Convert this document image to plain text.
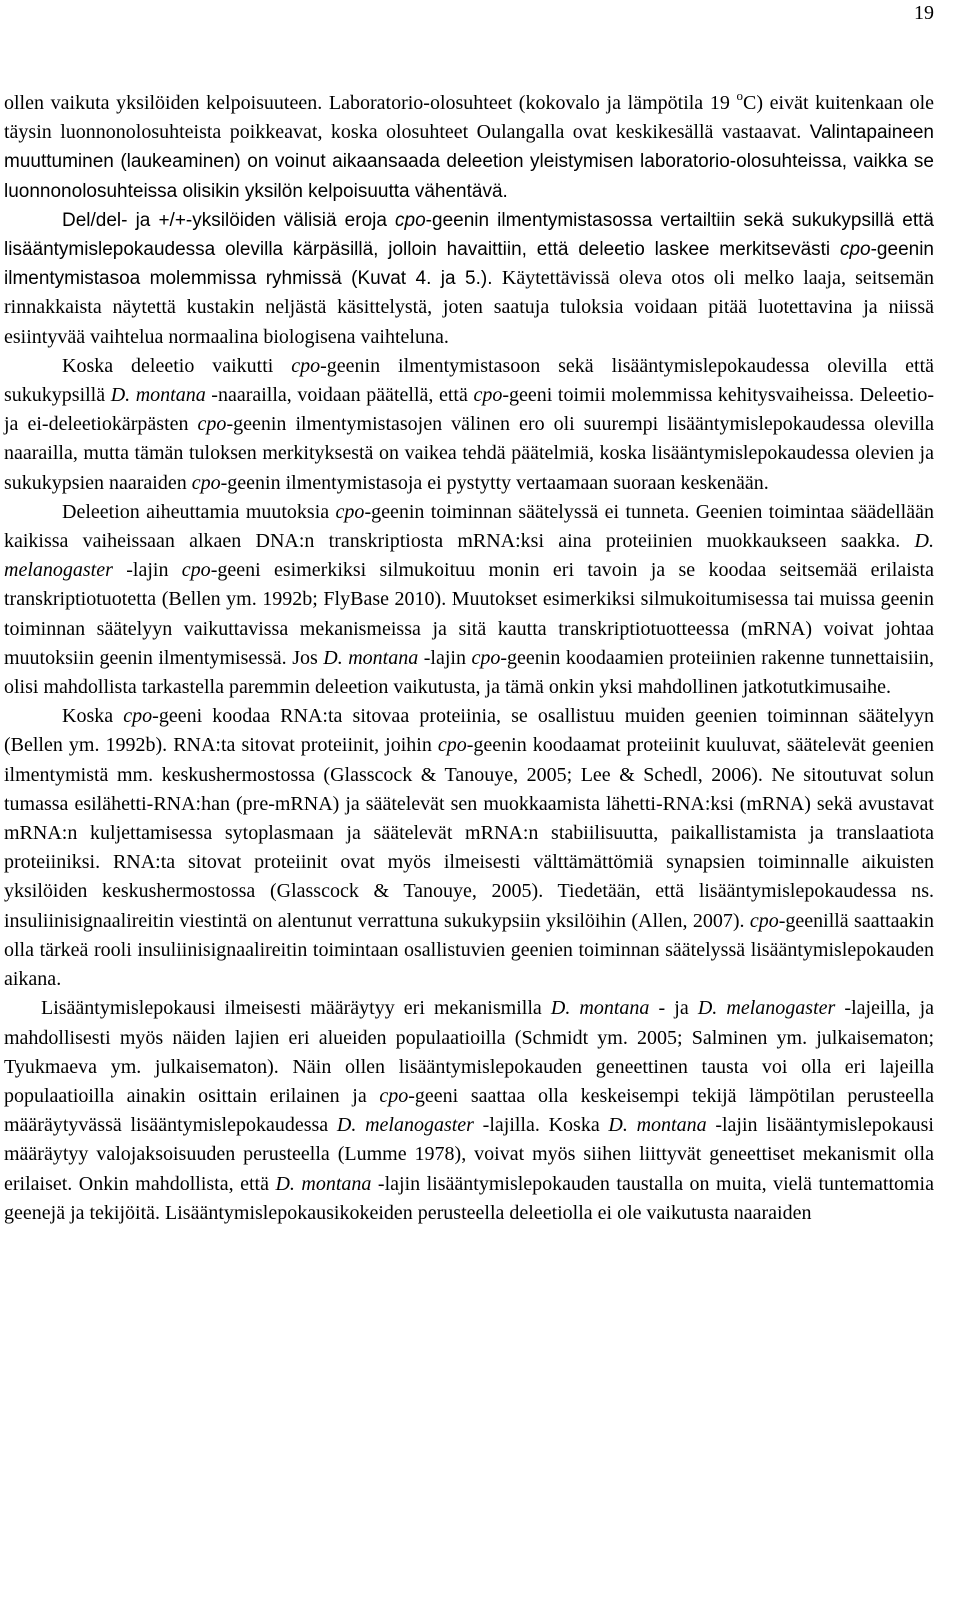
19

ollen vaikuta yksilöiden kelpoisuuteen. Laboratorio-olosuhteet (kokovalo ja lämpötila 19 $^o$C) eivät kuitenkaan ole täysin luonnonolosuhteista poikkeavat, koska olosuhteet Oulangalla ovat keskikesällä vastaavat. Valintapaineen muuttuminen (laukeaminen) on voinut aikaansaada deleetion yleistymisen laboratorio-olosuhteissa, vaikka se luonnonolosuhteissa olisikin yksilön kelpoisuutta vähentävä.

Del/del- ja +/+-yksilöiden välisiä eroja cpo-geenin ilmentymistasossa vertailtiin sekä sukukypsillä että lisääntymislepokaudessa olevilla kärpäsillä, jolloin havaittiin, että deleetio laskee merkitsevästi cpo-geenin ilmentymistasoa molemmissa ryhmissä (Kuvat 4. ja 5.). Käytettävissä oleva otos oli melko laaja, seitsemän rinnakkaista näytettä kustakin neljästä käsittelystä, joten saatuja tuloksia voidaan pitää luotettavina ja niissä esiintyvää vaihtelua normaalina biologisena vaihteluna.

Koska deleetio vaikutti cpo-geenin ilmentymistasoon sekä lisääntymislepokaudessa olevilla että sukukypsillä D. montana -naarailla, voidaan päätellä, että cpo-geeni toimii molemmissa kehitysvaiheissa. Deleetio- ja ei-deleetiokärpästen cpo-geenin ilmentymistasojen välinen ero oli suurempi lisääntymislepokaudessa olevilla naarailla, mutta tämän tuloksen merkityksestä on vaikea tehdä päätelmiä, koska lisääntymislepokaudessa olevien ja sukukypsien naaraiden cpo-geenin ilmentymistasoja ei pystytty vertaamaan suoraan keskenään.

Deleetion aiheuttamia muutoksia cpo-geenin toiminnan säätelyssä ei tunneta. Geenien toimintaa säädellään kaikissa vaiheissaan alkaen DNA:n transkriptiosta mRNA:ksi aina proteiinien muokkaukseen saakka. D. melanogaster -lajin cpo-geeni esimerkiksi silmukoituu monin eri tavoin ja se koodaa seitsemää erilaista transkriptiotuotetta (Bellen ym. 1992b; FlyBase 2010). Muutokset esimerkiksi silmukoitumisessa tai muissa geenin toiminnan säätelyyn vaikuttavissa mekanismeissa ja sitä kautta transkriptiotuotteessa (mRNA) voivat johtaa muutoksiin geenin ilmentymisessä. Jos D. montana -lajin cpo-geenin koodaamien proteiinien rakenne tunnettaisiin, olisi mahdollista tarkastella paremmin deleetion vaikutusta, ja tämä onkin yksi mahdollinen jatkotutkimusaihe.

Koska cpo-geeni koodaa RNA:ta sitovaa proteiinia, se osallistuu muiden geenien toiminnan säätelyyn (Bellen ym. 1992b). RNA:ta sitovat proteiinit, joihin cpo-geenin koodaamat proteiinit kuuluvat, säätelevät geenien ilmentymistä mm. keskushermostossa (Glasscock & Tanouye, 2005; Lee & Schedl, 2006). Ne sitoutuvat solun tumassa esilähetti-RNA:han (pre-mRNA) ja säätelevät sen muokkaamista lähetti-RNA:ksi (mRNA) sekä avustavat mRNA:n kuljettamisessa sytoplasmaan ja säätelevät mRNA:n stabiilisuutta, paikallistamista ja translaatiota proteiiniksi. RNA:ta sitovat proteiinit ovat myös ilmeisesti välttämättömiä synapsien toiminnalle aikuisten yksilöiden keskushermostossa (Glasscock & Tanouye, 2005). Tiedetään, että lisääntymislepokaudessa ns. insuliinisignaalireitin viestintä on alentunut verrattuna sukukypsiin yksilöihin (Allen, 2007). cpo-geenillä saattaakin olla tärkeä rooli insuliinisignaalireitin toimintaan osallistuvien geenien toiminnan säätelyssä lisääntymislepokauden aikana.

Lisääntymislepokausi ilmeisesti määräytyy eri mekanismilla D. montana - ja D. melanogaster -lajeilla, ja mahdollisesti myös näiden lajien eri alueiden populaatioilla (Schmidt ym. 2005; Salminen ym. julkaisematon; Tyukmaeva ym. julkaisematon). Näin ollen lisääntymislepokauden geneettinen tausta voi olla eri lajeilla populaatioilla ainakin osittain erilainen ja cpo-geeni saattaa olla keskeisempi tekijä lämpötilan perusteella määräytyvässä lisääntymislepokaudessa D. melanogaster -lajilla. Koska D. montana -lajin lisääntymislepokausi määräytyy valojaksoisuuden perusteella (Lumme 1978), voivat myös siihen liittyvät geneettiset mekanismit olla erilaiset. Onkin mahdollista, että D. montana -lajin lisääntymislepokauden taustalla on muita, vielä tuntemattomia geenejä ja tekijöitä. Lisääntymislepokausikokeiden perusteella deleetiolla ei ole vaikutusta naaraiden
